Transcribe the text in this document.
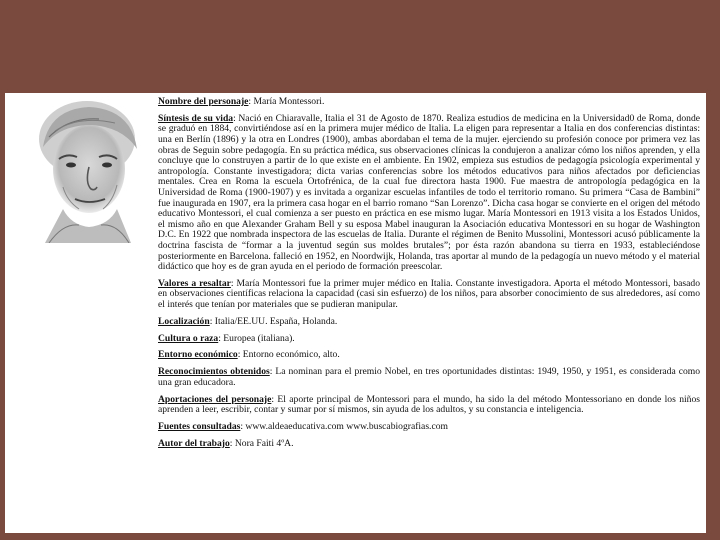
Nombre del personaje: María Montessori.

Síntesis de su vida: Nació en Chiaravalle, Italia el 31 de Agosto de 1870. Realiza estudios de medicina en la Universidad0 de Roma, donde se graduó en 1884, convirtiéndose así en la primera mujer médico de Italia. La eligen para representar a Italia en dos conferencias distintas: una en Berlín (1896) y la otra en Londres (1900), ambas abordaban el tema de la mujer. ejerciendo su profesión conoce por primera vez las obras de Seguin sobre pedagogía. En su práctica médica, sus observaciones clínicas la condujeron a analizar cómo los niños aprenden, y ella concluye que lo construyen a partir de lo que existe en el ambiente. En 1902, empieza sus estudios de pedagogía psicología experimental y antropología. Constante investigadora; dicta varias conferencias sobre los métodos educativos para niños afectados por deficiencias mentales. Crea en Roma la escuela Ortofrénica, de la cual fue directora hasta 1900. Fue maestra de antropología pedagógica en la Universidad de Roma (1900-1907) y es invitada a organizar escuelas infantiles de todo el territorio romano. Su primera “Casa de Bambini” fue inaugurada en 1907, era la primera casa hogar en el barrio romano “San Lorenzo”. Dicha casa hogar se convierte en el origen del método educativo Montessori, el cual comienza a ser puesto en práctica en ese mismo lugar. María Montessori en 1913 visita a los Estados Unidos, el mismo año en que Alexander Graham Bell y su esposa Mabel inauguran la Asociación educativa Montessori en su hogar de Washington D.C. En 1922 que nombrada inspectora de las escuelas de Italia. Durante el régimen de Benito Mussolini, Montessori acusó públicamente la doctrina fascista de “formar a la juventud según sus moldes brutales”; por ésta razón abandona su tierra en 1933, estableciéndose posteriormente en Barcelona. falleció en 1952, en Noordwijk, Holanda, tras aportar al mundo de la pedagogía un nuevo método y el material didáctico que hoy es de gran ayuda en el periodo de formación preescolar.

Valores a resaltar: María Montessori fue la primer mujer médico en Italia. Constante investigadora. Aporta el método Montessori, basado en observaciones científicas relaciona la capacidad (casi sin esfuerzo) de los niños, para absorber conocimiento de sus alrededores, así como el interés que tenían por materiales que se pudieran manipular.

Localización: Italia/EE.UU. España, Holanda.

Cultura o raza: Europea (italiana).

Entorno económico: Entorno económico, alto.

Reconocimientos obtenidos: La nominan para el premio Nobel, en tres oportunidades distintas: 1949, 1950, y 1951, es considerada como una gran educadora.

Aportaciones del personaje: El aporte principal de Montessori para el mundo, ha sido la del método Montessoriano en donde los niños aprenden a leer, escribir, contar y sumar por sí mismos, sin ayuda de los adultos, y su constancia e inteligencia.

Fuentes consultadas: www.aldeaeducativa.com www.buscabiografias.com

Autor del trabajo: Nora Faiti 4ºA.
